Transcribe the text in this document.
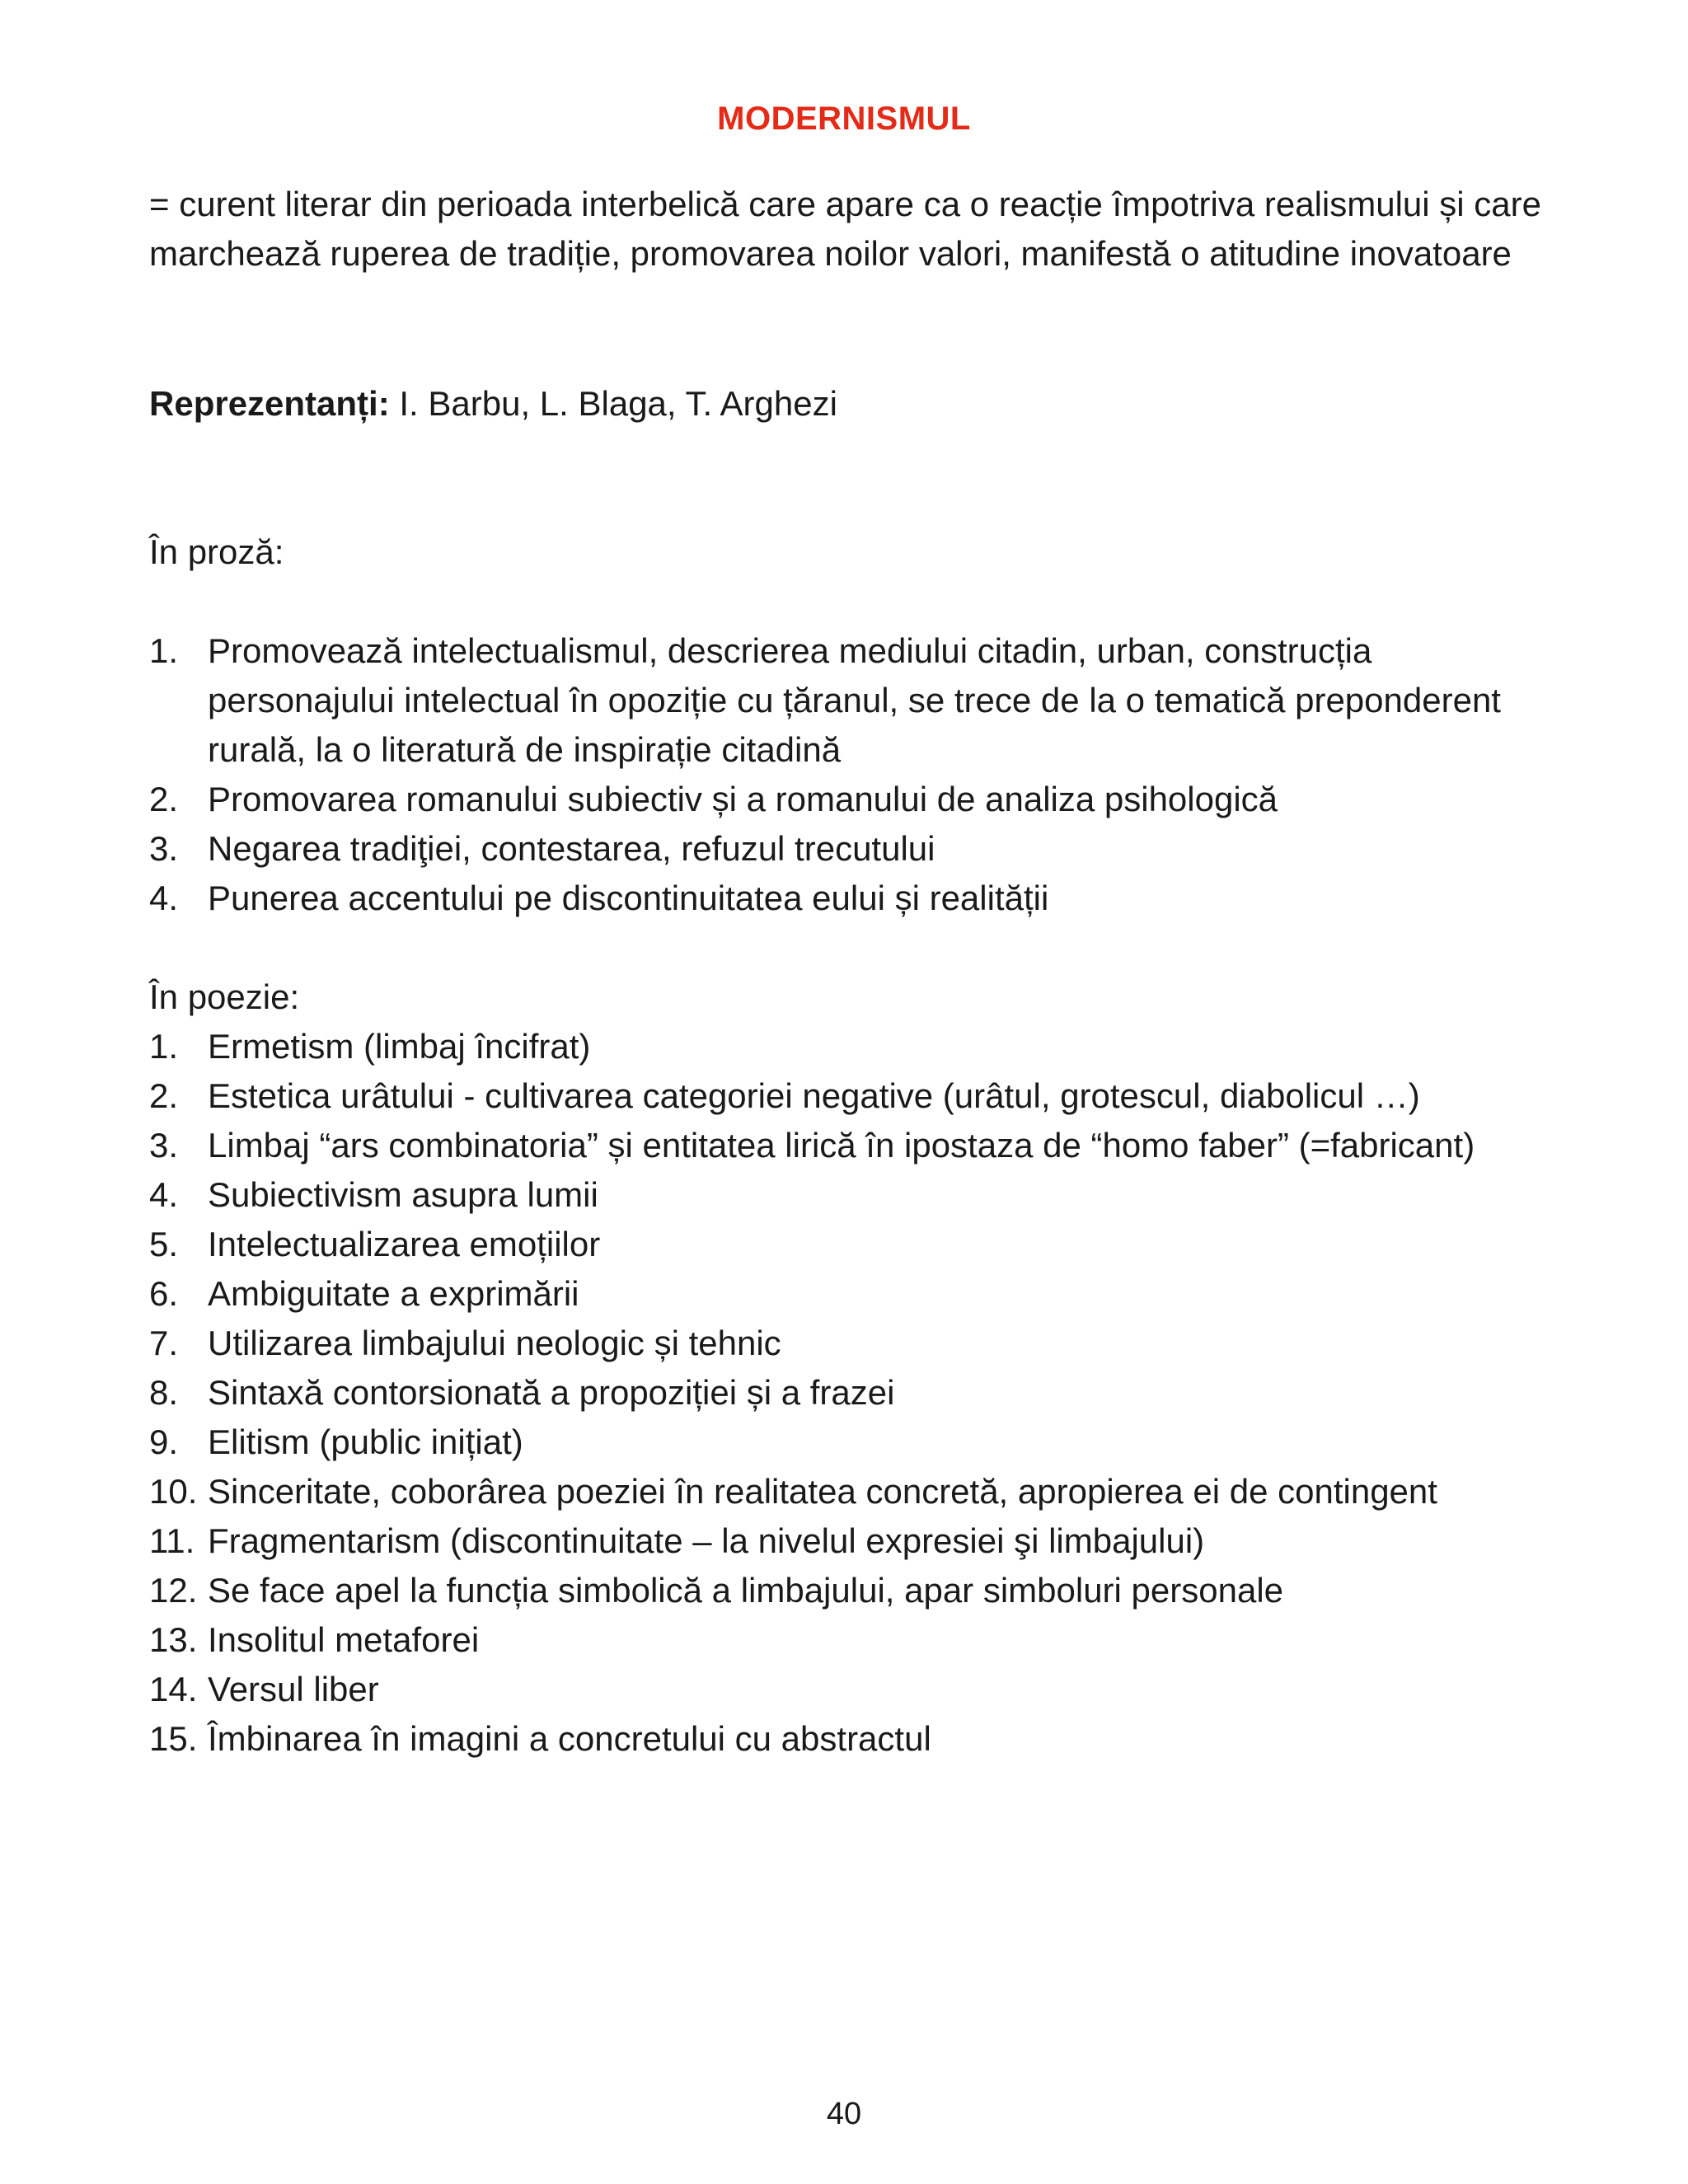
MODERNISMUL
= curent literar din perioada interbelică care apare ca o reacție împotriva realismului și care marchează ruperea de tradiție, promovarea noilor valori, manifestă o atitudine inovatoare
Reprezentanți: I. Barbu, L. Blaga, T. Arghezi
În proză:
1. Promovează intelectualismul, descrierea mediului citadin, urban, construcția personajului intelectual în opoziție cu țăranul, se trece de la o tematică preponderent rurală, la o literatură de inspirație citadină
2. Promovarea romanului subiectiv și a romanului de analiza psihologică
3. Negarea tradiţiei, contestarea, refuzul trecutului
4. Punerea accentului pe discontinuitatea eului și realității
În poezie:
1. Ermetism (limbaj încifrat)
2. Estetica urâtului - cultivarea categoriei negative (urâtul, grotescul, diabolicul …)
3. Limbaj “ars combinatoria” și entitatea lirică în ipostaza de “homo faber” (=fabricant)
4. Subiectivism asupra lumii
5. Intelectualizarea emoțiilor
6. Ambiguitate a exprimării
7. Utilizarea limbajului neologic și tehnic
8. Sintaxă contorsionată a propoziției și a frazei
9. Elitism (public inițiat)
10. Sinceritate, coborârea poeziei în realitatea concretă, apropierea ei de contingent
11. Fragmentarism (discontinuitate – la nivelul expresiei şi limbajului)
12. Se face apel la funcția simbolică a limbajului, apar simboluri personale
13. Insolitul metaforei
14. Versul liber
15. Îmbinarea în imagini a concretului cu abstractul
40
